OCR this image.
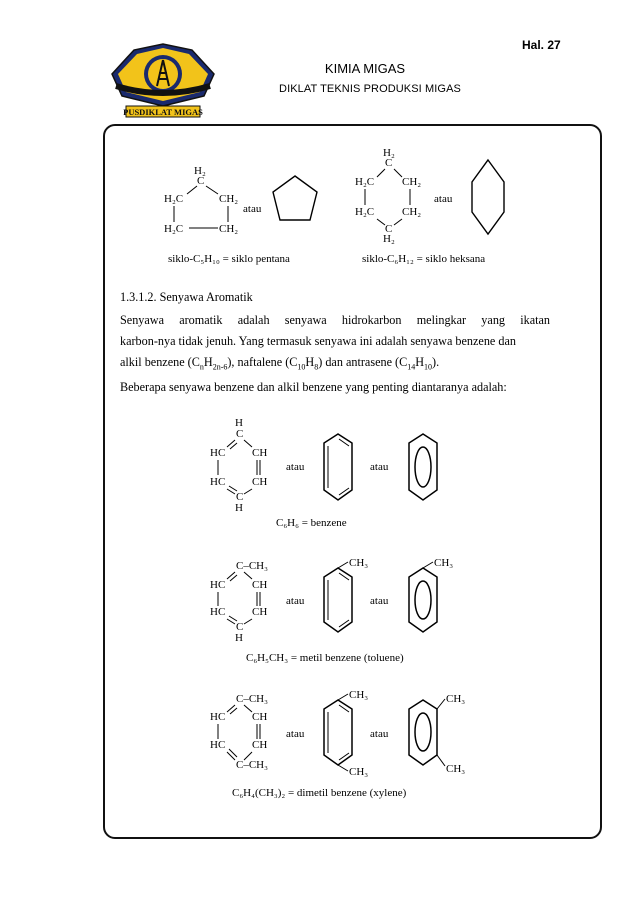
Hal. 27
PUSDIKLAT MIGAS
KIMIA MIGAS
DIKLAT TEKNIS PRODUKSI MIGAS
H₂
C
H₂C	CH₂
H₂C	CH₂
atau
siklo-C₅H₁₀ = siklo pentana
H₂
C
H₂C	CH₂
H₂C	CH₂
C
H₂
atau
siklo-C₆H₁₂ = siklo heksana
1.3.1.2. Senyawa Aromatik
Senyawa aromatik adalah senyawa hidrokarbon melingkar yang ikatan
karbon-nya tidak jenuh. Yang termasuk senyawa ini adalah senyawa benzene dan
alkil benzene $(C_nH_{2n-6})$, naftalene $(C_{10}H_8)$ dan antrasene $(C_{14}H_{10})$.
Beberapa senyawa benzene dan alkil benzene yang penting diantaranya adalah:
H
C
HC CH
HC CH
C
H
atau	atau
C₆H₆ = benzene
C–CH₃
HC CH
HC CH
C
H
atau
CH₃
atau
CH₃
C₆H₅CH₃ = metil benzene (toluene)
C–CH₃
HC CH
HC CH
C–CH₃
atau
CH₃
CH₃
atau
CH₃
CH₃
C₆H₄(CH₃)₂ = dimetil benzene (xylene)
